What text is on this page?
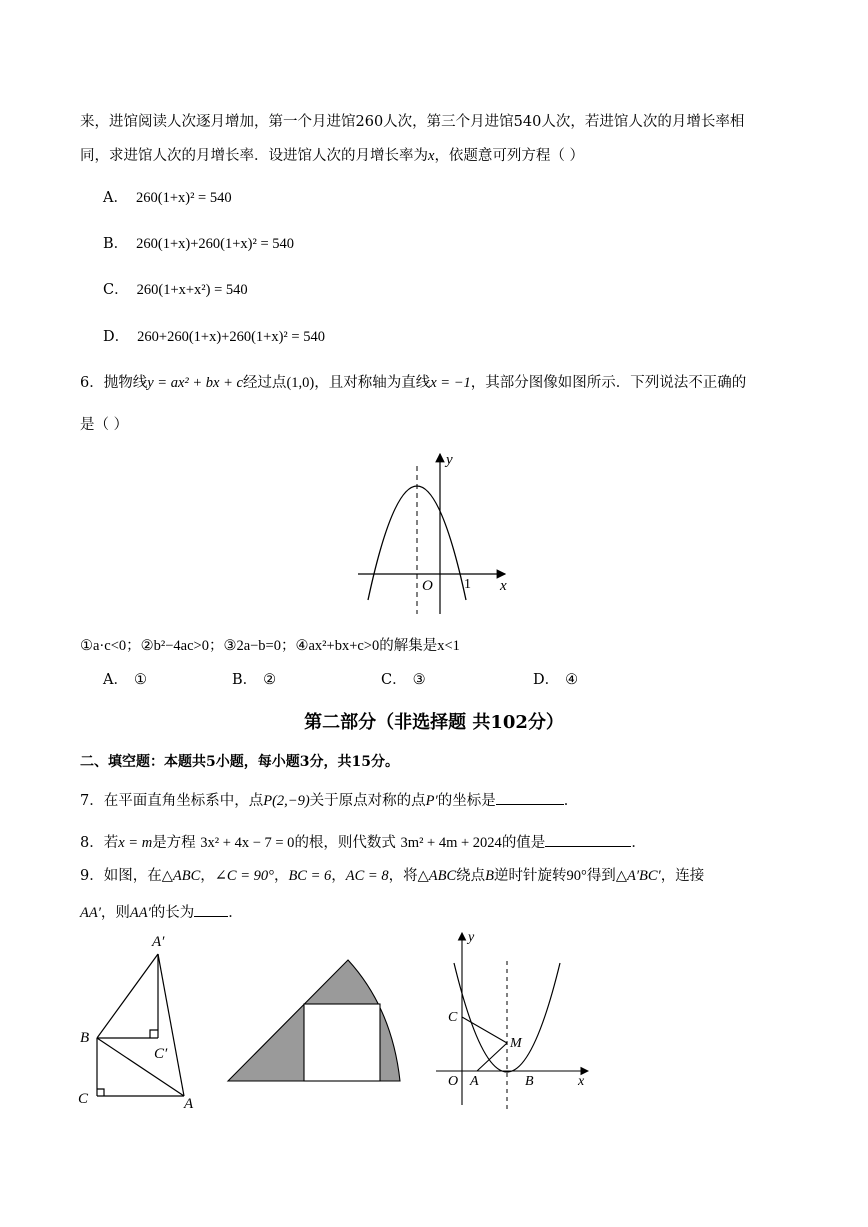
来，进馆阅读人次逐月增加，第一个月进馆260人次，第三个月进馆540人次，若进馆人次的月增长率相
同，求进馆人次的月增长率．设进馆人次的月增长率为x，依题意可列方程（ ）
A． 260(1+x)² = 540
B． 260(1+x)+260(1+x)² = 540
C． 260(1+x+x²) = 540
D． 260+260(1+x)+260(1+x)² = 540
6．抛物线y = ax² + bx + c经过点(1,0)，且对称轴为直线x = −1，其部分图像如图所示．下列说法不正确的
是（ ）
y
x
O 1
①a·c<0；②b²−4ac>0；③2a−b=0；④ax²+bx+c>0的解集是x<1
A． ①	B． ②	C． ③	D． ④
第二部分（非选择题 共102分）
二、填空题：本题共5小题，每小题3分，共15分。
7．在平面直角坐标系中，点P(2,−9)关于原点对称的点P′的坐标是	．
8．若x = m是方程 3x² + 4x − 7 = 0的根，则代数式 3m² + 4m + 2024的值是	．
9．如图，在△ABC，∠C = 90°，BC = 6，AC = 8，将△ABC绕点B逆时针旋转90°得到△A′BC′，连接
AA′，则AA′的长为 ．
A′
B
C′
C	A
y
C
M
O A	B	x
